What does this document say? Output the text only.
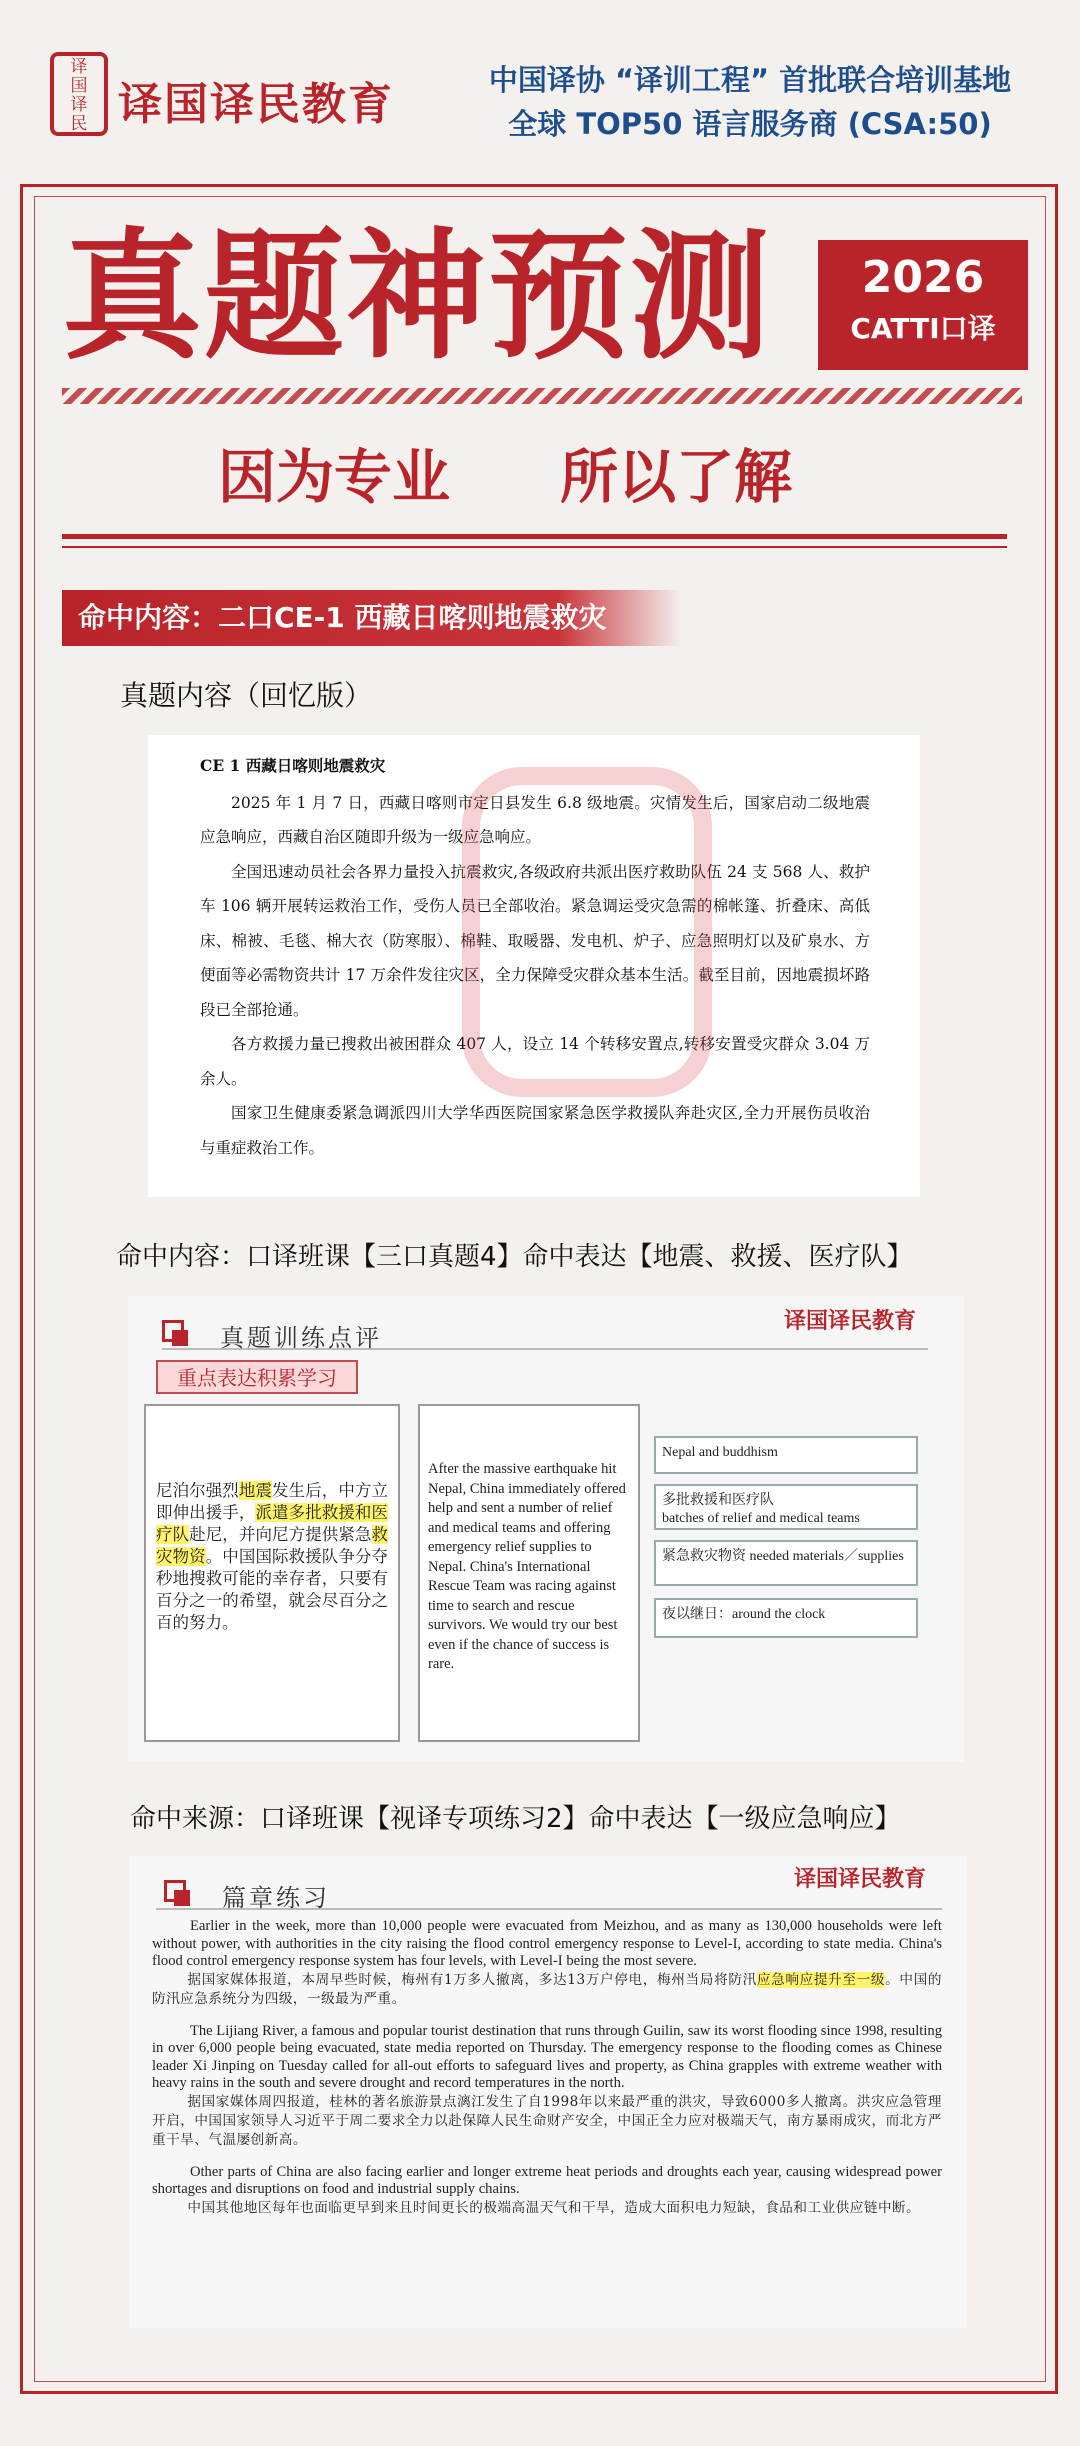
译
国
译
民 译国译民教育	中国译协 “译训工程” 首批联合培训基地
全球 TOP50 语言服务商 (CSA:50)
真题神预测	2026
CATTI口译
因为专业 所以了解
命中内容：二口CE-1 西藏日喀则地震救灾
真题内容（回忆版）

CE 1 西藏日喀则地震救灾

2025 年 1 月 7 日，西藏日喀则市定日县发生 6.8 级地震。灾情发生后，国家启动二级地震应急响应，西藏自治区随即升级为一级应急响应。

全国迅速动员社会各界力量投入抗震救灾,各级政府共派出医疗救助队伍 24 支 568 人、救护车 106 辆开展转运救治工作，受伤人员已全部收治。紧急调运受灾急需的棉帐篷、折叠床、高低床、棉被、毛毯、棉大衣（防寒服）、棉鞋、取暖器、发电机、炉子、应急照明灯以及矿泉水、方便面等必需物资共计 17 万余件发往灾区，全力保障受灾群众基本生活。截至目前，因地震损坏路段已全部抢通。

各方救援力量已搜救出被困群众 407 人，设立 14 个转移安置点,转移安置受灾群众 3.04 万余人。

国家卫生健康委紧急调派四川大学华西医院国家紧急医学救援队奔赴灾区,全力开展伤员收治与重症救治工作。

命中内容：口译班课【三口真题4】命中表达【地震、救援、医疗队】
真题训练点评
译国译民教育
重点表达积累学习
尼泊尔强烈地震发生后，中方立即伸出援手，派遣多批救援和医疗队赴尼，并向尼方提供紧急救灾物资。中国国际救援队争分夺秒地搜救可能的幸存者，只要有百分之一的希望，就会尽百分之百的努力。
After the massive earthquake hit Nepal, China immediately offered help and sent a number of relief and medical teams and offering emergency relief supplies to Nepal. China's International Rescue Team was racing against time to search and rescue survivors. We would try our best even if the chance of success is rare.
Nepal and buddhism
多批救援和医疗队
batches of relief and medical teams
紧急救灾物资 needed materials／supplies
夜以继日：around the clock
命中来源：口译班课【视译专项练习2】命中表达【一级应急响应】
篇章练习
译国译民教育

Earlier in the week, more than 10,000 people were evacuated from Meizhou, and as many as 130,000 households were left without power, with authorities in the city raising the flood control emergency response to Level-I, according to state media. China's flood control emergency response system has four levels, with Level-I being the most severe.

据国家媒体报道，本周早些时候，梅州有1万多人撤离，多达13万户停电，梅州当局将防汛应急响应提升至一级。中国的防汛应急系统分为四级，一级最为严重。

The Lijiang River, a famous and popular tourist destination that runs through Guilin, saw its worst flooding since 1998, resulting in over 6,000 people being evacuated, state media reported on Thursday. The emergency response to the flooding comes as Chinese leader Xi Jinping on Tuesday called for all-out efforts to safeguard lives and property, as China grapples with extreme weather with heavy rains in the south and severe drought and record temperatures in the north.

据国家媒体周四报道，桂林的著名旅游景点漓江发生了自1998年以来最严重的洪灾，导致6000多人撤离。洪灾应急管理开启，中国国家领导人习近平于周二要求全力以赴保障人民生命财产安全，中国正全力应对极端天气，南方暴雨成灾，而北方严重干旱、气温屡创新高。

Other parts of China are also facing earlier and longer extreme heat periods and droughts each year, causing widespread power shortages and disruptions on food and industrial supply chains.

中国其他地区每年也面临更早到来且时间更长的极端高温天气和干旱，造成大面积电力短缺，食品和工业供应链中断。
